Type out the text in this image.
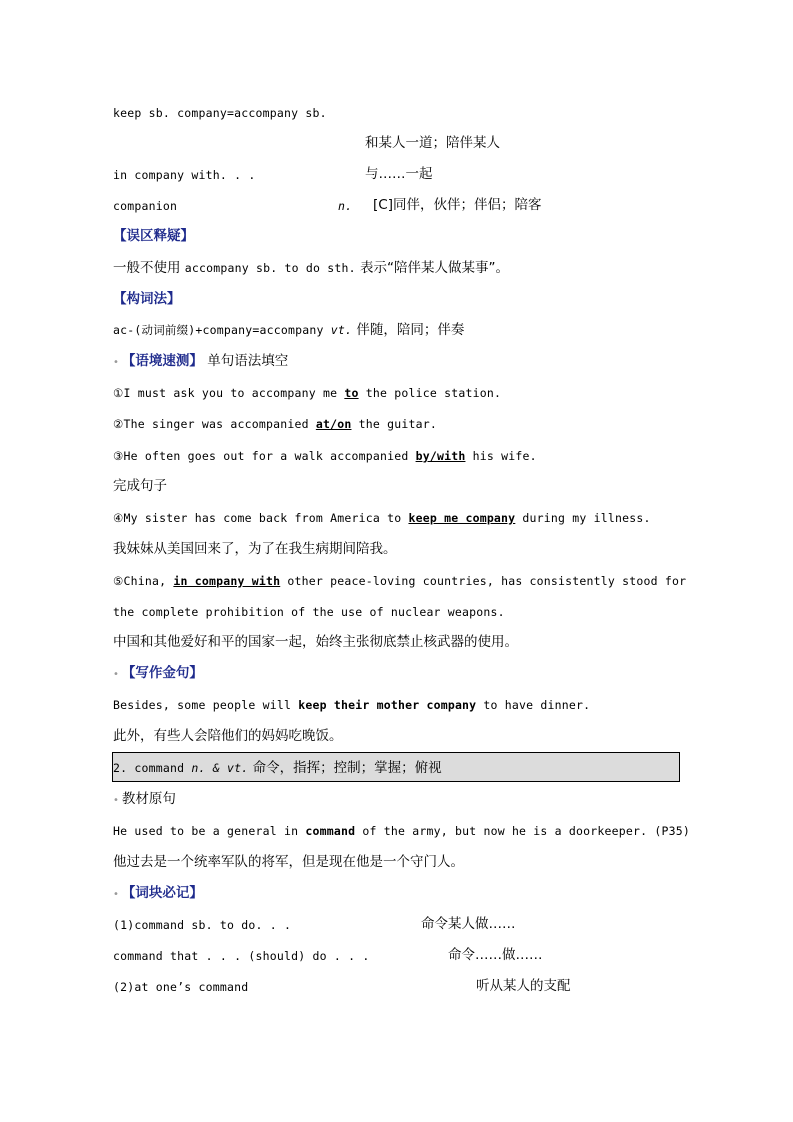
keep sb. company=accompany sb.
和某人一道；陪伴某人
in company with. . .	与……一起
companion	n. [C]同伴，伙伴；伴侣；陪客
【误区释疑】
一般不使用 accompany sb. to do sth. 表示“陪伴某人做某事”。
【构词法】
ac-(动词前缀)+company=accompany vt. 伴随，陪同；伴奏
• 【语境速测】 单句语法填空
①I must ask you to accompany me to the police station.
②The singer was accompanied at/on the guitar.
③He often goes out for a walk accompanied by/with his wife.
完成句子
④My sister has come back from America to keep me company during my illness.
我妹妹从美国回来了，为了在我生病期间陪我。
⑤China, in company with other peace-loving countries, has consistently stood for
the complete prohibition of the use of nuclear weapons.
中国和其他爱好和平的国家一起，始终主张彻底禁止核武器的使用。
• 【写作金句】
Besides, some people will keep their mother company to have dinner.
此外，有些人会陪他们的妈妈吃晚饭。
2. command n. & vt. 命令，指挥；控制；掌握；俯视
• 教材原句
He used to be a general in command of the army, but now he is a doorkeeper. (P35)
他过去是一个统率军队的将军，但是现在他是一个守门人。
• 【词块必记】
(1)command sb. to do. . .	命令某人做……
command that . . . (should) do . . .	命令……做……
(2)at one’s command	听从某人的支配
